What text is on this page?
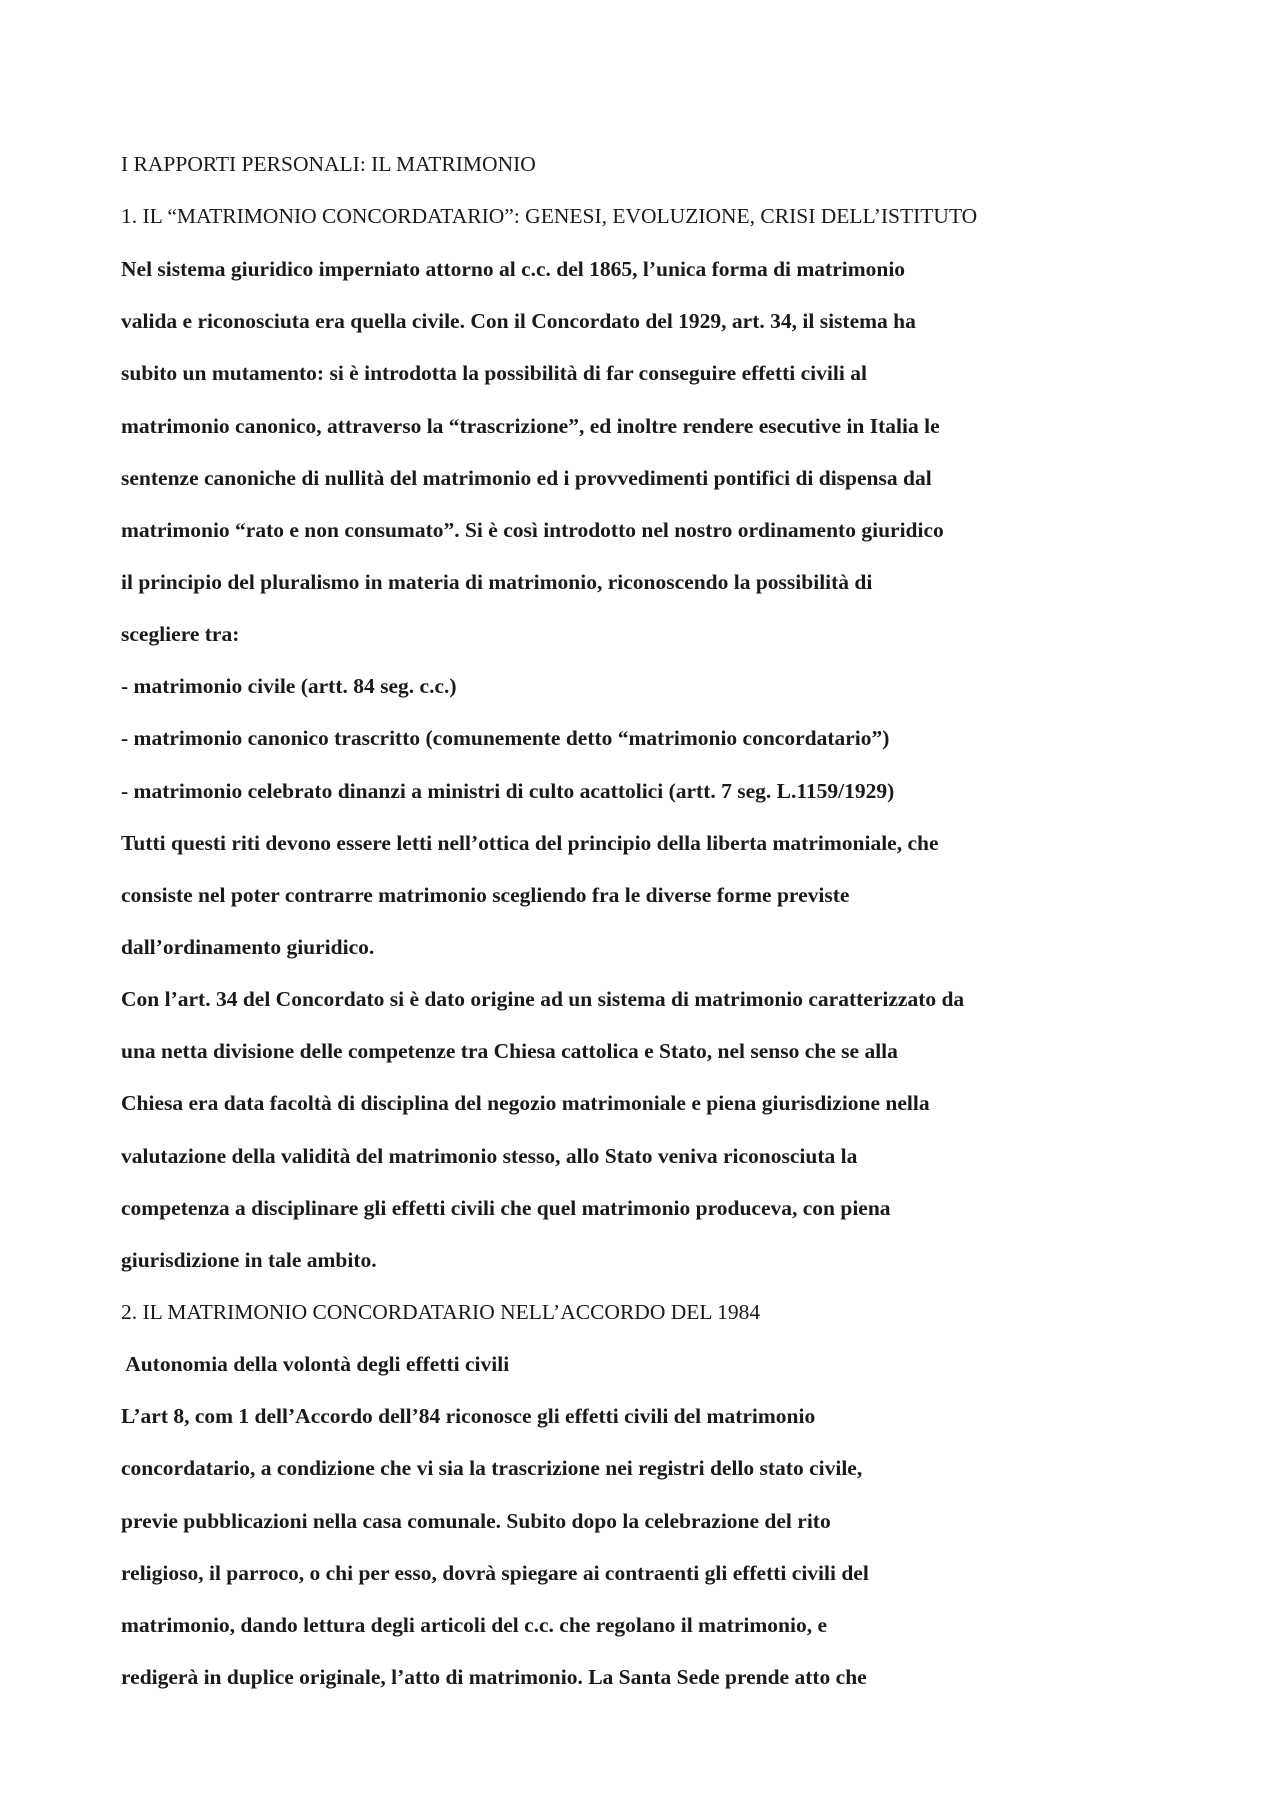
I RAPPORTI PERSONALI: IL MATRIMONIO
1. IL “MATRIMONIO CONCORDATARIO”: GENESI, EVOLUZIONE, CRISI DELL’ISTITUTO
Nel sistema giuridico imperniato attorno al c.c. del 1865, l’unica forma di matrimonio
valida e riconosciuta era quella civile. Con il Concordato del 1929, art. 34, il sistema ha
subito un mutamento: si è introdotta la possibilità di far conseguire effetti civili al
matrimonio canonico, attraverso la “trascrizione”, ed inoltre rendere esecutive in Italia le
sentenze canoniche di nullità del matrimonio ed i provvedimenti pontifici di dispensa dal
matrimonio “rato e non consumato”. Si è così introdotto nel nostro ordinamento giuridico
il principio del pluralismo in materia di matrimonio, riconoscendo la possibilità di
scegliere tra:
- matrimonio civile (artt. 84 seg. c.c.)
- matrimonio canonico trascritto (comunemente detto “matrimonio concordatario”)
- matrimonio celebrato dinanzi a ministri di culto acattolici (artt. 7 seg. L.1159/1929)
Tutti questi riti devono essere letti nell’ottica del principio della liberta matrimoniale, che
consiste nel poter contrarre matrimonio scegliendo fra le diverse forme previste
dall’ordinamento giuridico.
Con l’art. 34 del Concordato si è dato origine ad un sistema di matrimonio caratterizzato da
una netta divisione delle competenze tra Chiesa cattolica e Stato, nel senso che se alla
Chiesa era data facoltà di disciplina del negozio matrimoniale e piena giurisdizione nella
valutazione della validità del matrimonio stesso, allo Stato veniva riconosciuta la
competenza a disciplinare gli effetti civili che quel matrimonio produceva, con piena
giurisdizione in tale ambito.
2. IL MATRIMONIO CONCORDATARIO NELL’ACCORDO DEL 1984
Autonomia della volontà degli effetti civili
L’art 8, com 1 dell’Accordo dell’84 riconosce gli effetti civili del matrimonio
concordatario, a condizione che vi sia la trascrizione nei registri dello stato civile,
previe pubblicazioni nella casa comunale. Subito dopo la celebrazione del rito
religioso, il parroco, o chi per esso, dovrà spiegare ai contraenti gli effetti civili del
matrimonio, dando lettura degli articoli del c.c. che regolano il matrimonio, e
redigerà in duplice originale, l’atto di matrimonio. La Santa Sede prende atto che
